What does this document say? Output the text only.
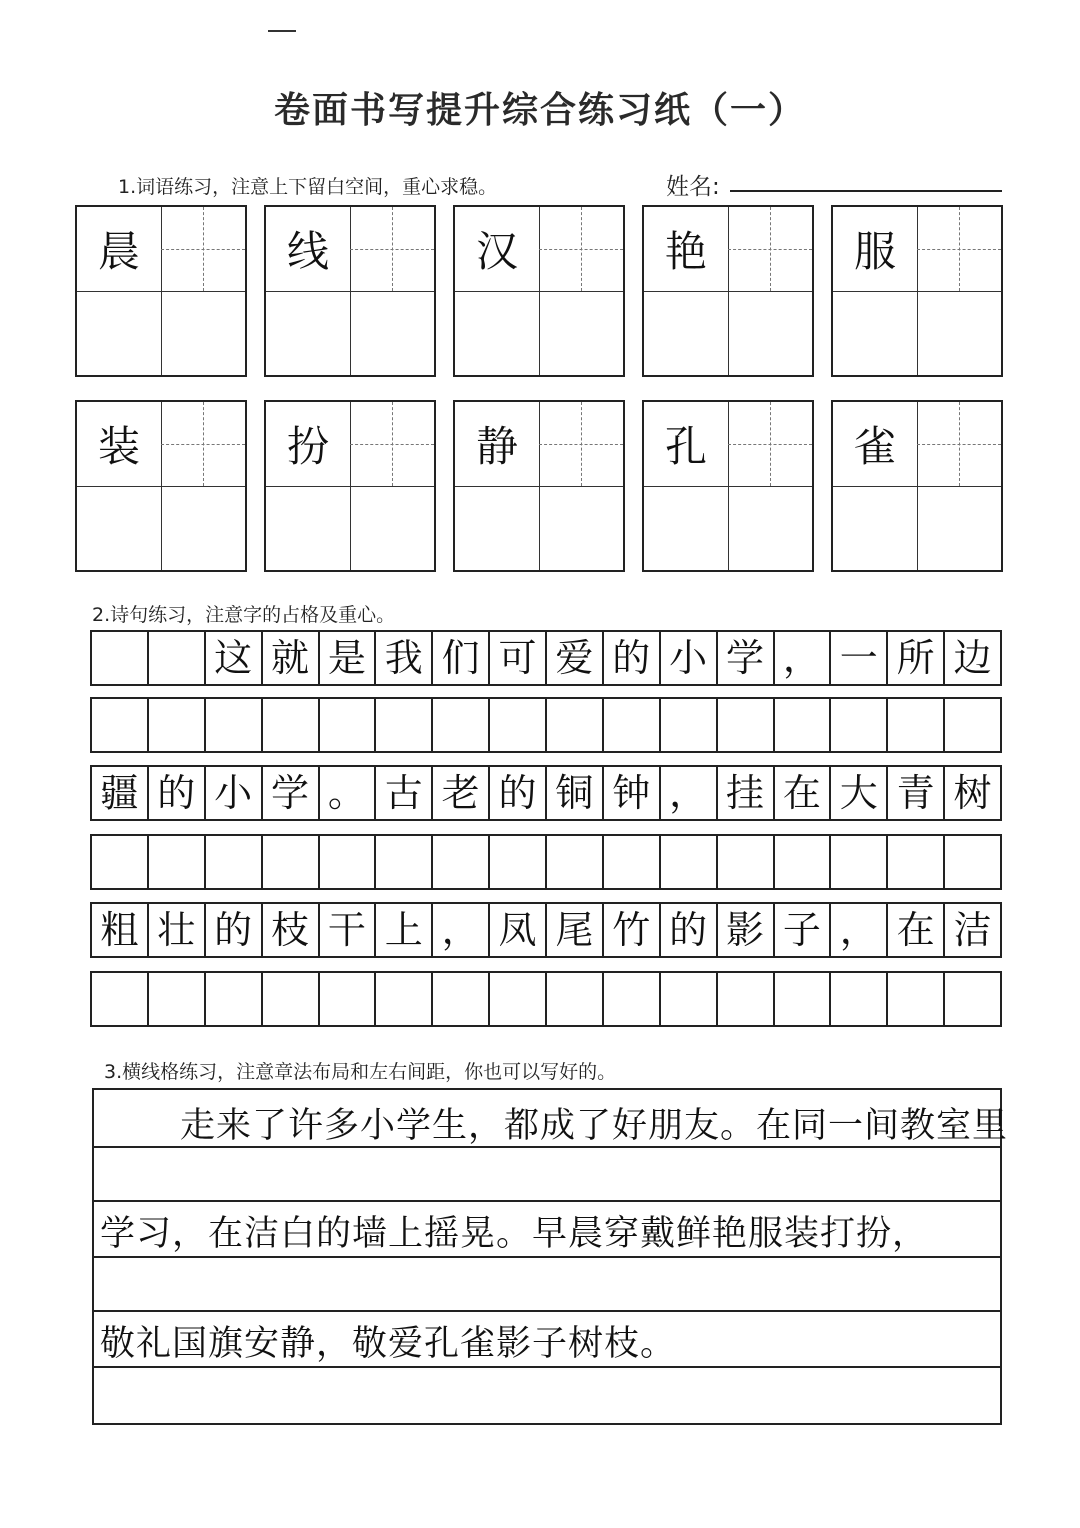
卷面书写提升综合练习纸（一）
1.词语练习，注意上下留白空间，重心求稳。	姓名:
晨	线	汉	艳	服
装	扮	静	孔	雀
2.诗句练习，注意字的占格及重心。
这 就 是 我 们 可 爱 的 小 学 ， 一 所 边
疆 的 小 学 。 古 老 的 铜 钟 ， 挂 在 大 青 树
粗 壮 的 枝 干 上 ， 凤 尾 竹 的 影 子 ， 在 洁
3.横线格练习，注意章法布局和左右间距，你也可以写好的。
走来了许多小学生，都成了好朋友。在同一间教室里
学习，在洁白的墙上摇晃。早晨穿戴鲜艳服装打扮，
敬礼国旗安静，敬爱孔雀影子树枝。
